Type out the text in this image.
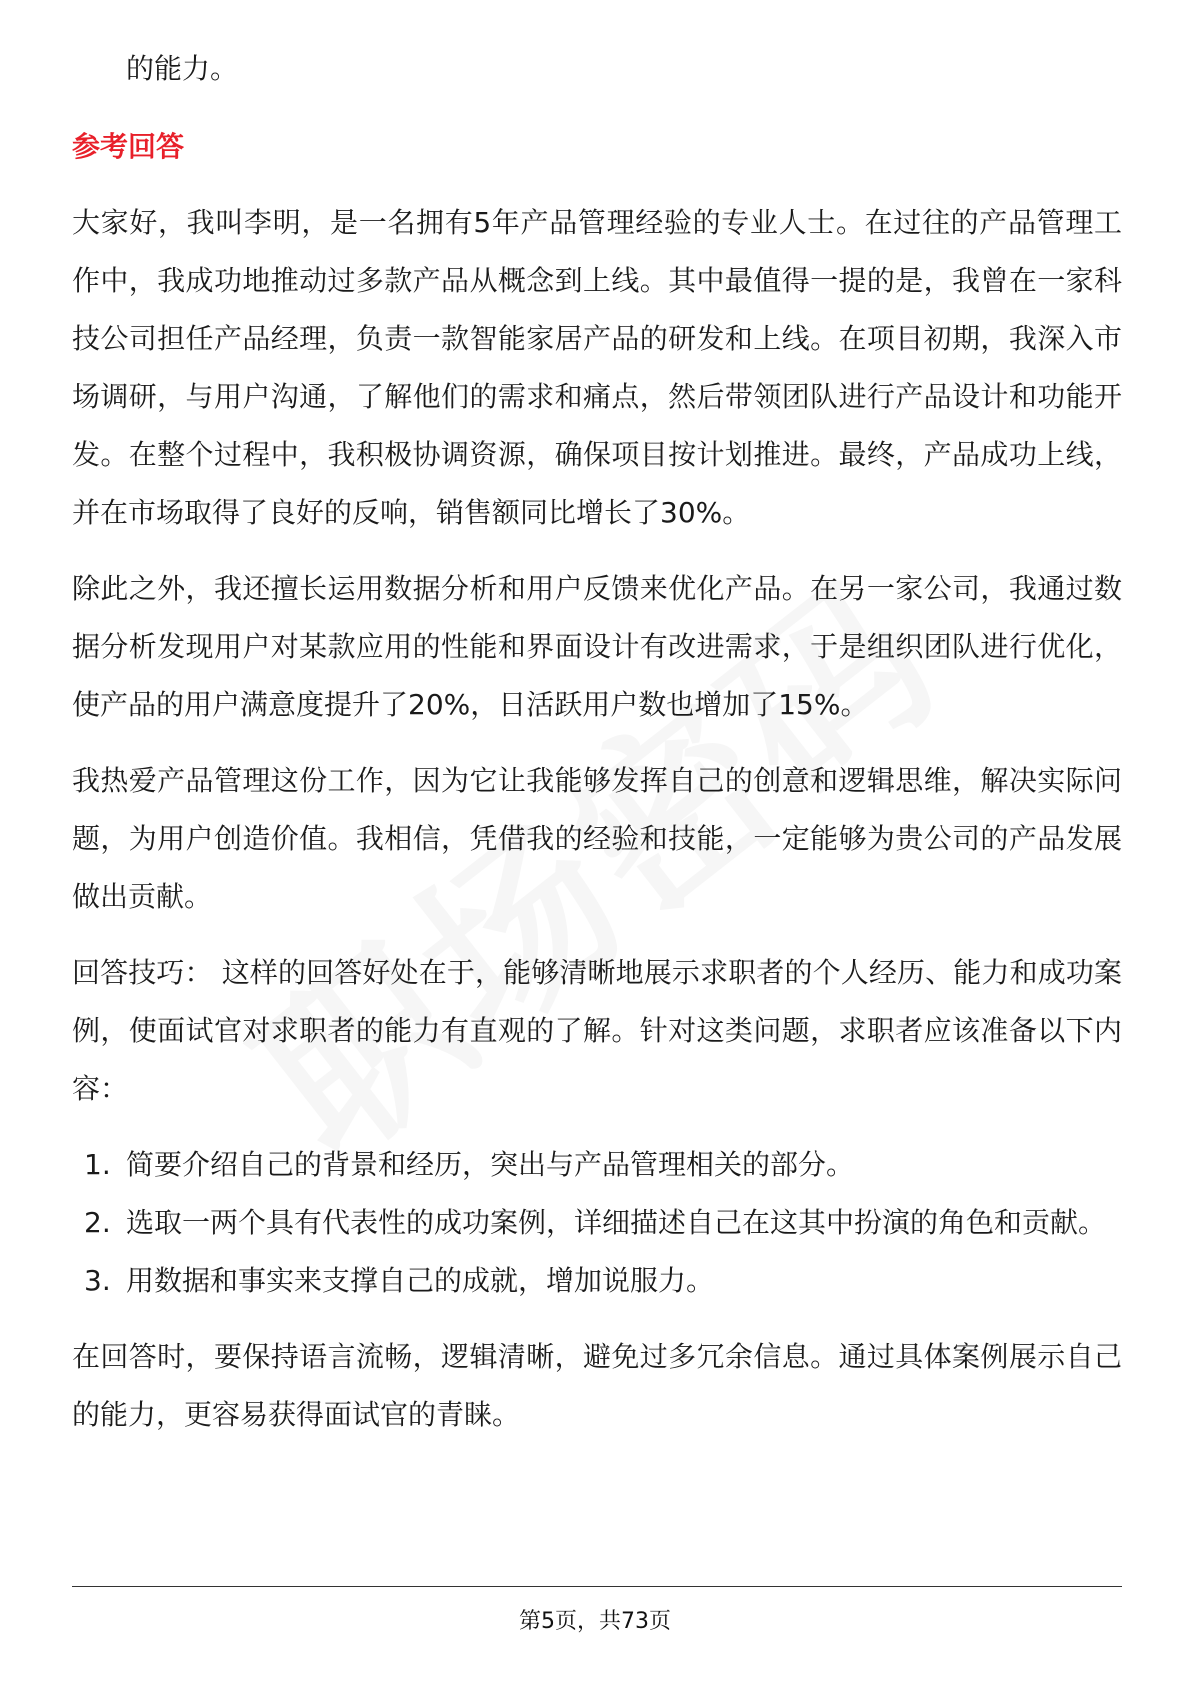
的能力。

参考回答

大家好，我叫李明，是一名拥有5年产品管理经验的专业人士。在过往的产品管理工作中，我成功地推动过多款产品从概念到上线。其中最值得一提的是，我曾在一家科技公司担任产品经理，负责一款智能家居产品的研发和上线。在项目初期，我深入市场调研，与用户沟通，了解他们的需求和痛点，然后带领团队进行产品设计和功能开发。在整个过程中，我积极协调资源，确保项目按计划推进。最终，产品成功上线，并在市场取得了良好的反响，销售额同比增长了30%。

除此之外，我还擅长运用数据分析和用户反馈来优化产品。在另一家公司，我通过数据分析发现用户对某款应用的性能和界面设计有改进需求，于是组织团队进行优化，使产品的用户满意度提升了20%，日活跃用户数也增加了15%。

我热爱产品管理这份工作，因为它让我能够发挥自己的创意和逻辑思维，解决实际问题，为用户创造价值。我相信，凭借我的经验和技能，一定能够为贵公司的产品发展做出贡献。

回答技巧： 这样的回答好处在于，能够清晰地展示求职者的个人经历、能力和成功案例，使面试官对求职者的能力有直观的了解。针对这类问题，求职者应该准备以下内容：

1. 简要介绍自己的背景和经历，突出与产品管理相关的部分。
2. 选取一两个具有代表性的成功案例，详细描述自己在这其中扮演的角色和贡献。
3. 用数据和事实来支撑自己的成就，增加说服力。

在回答时，要保持语言流畅，逻辑清晰，避免过多冗余信息。通过具体案例展示自己的能力，更容易获得面试官的青睐。

第5页，共73页
